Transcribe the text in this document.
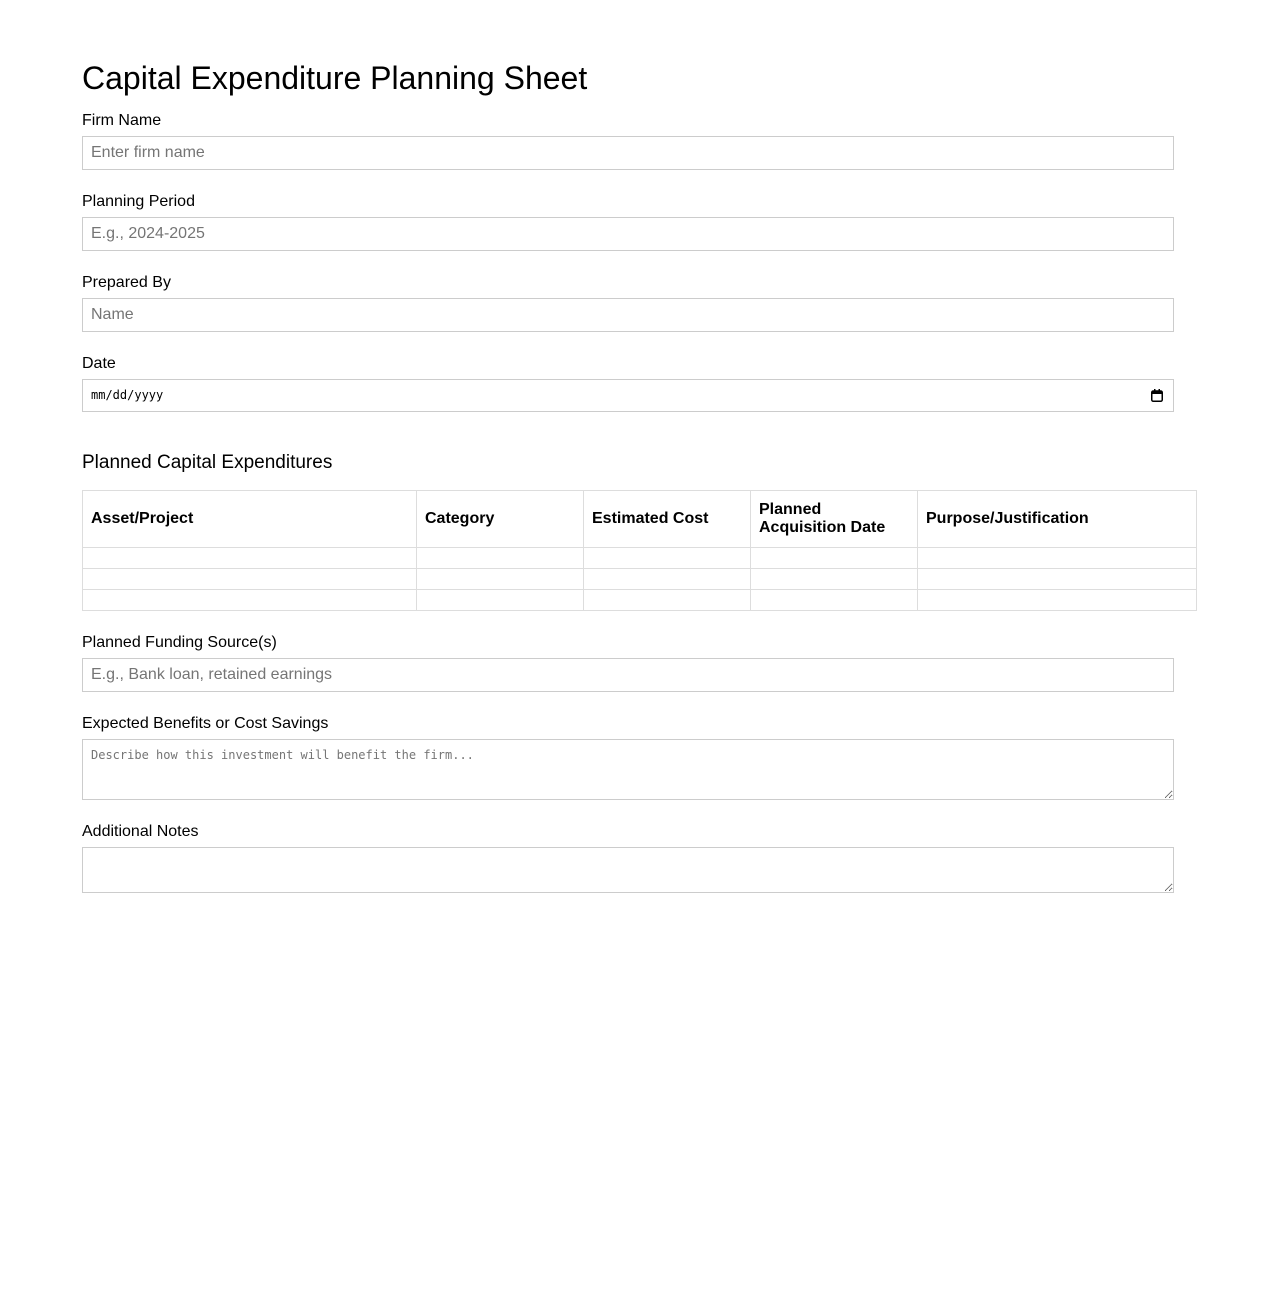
Capital Expenditure Planning Sheet
Firm Name
Enter firm name
Planning Period
E.g., 2024-2025
Prepared By
Name
Date
mm/dd/yyyy
Planned Capital Expenditures
Asset/Project	Category	Estimated Cost	Planned Acquisition Date	Purpose/Justification

Planned Funding Source(s)
E.g., Bank loan, retained earnings
Expected Benefits or Cost Savings
Describe how this investment will benefit the firm...
Additional Notes
